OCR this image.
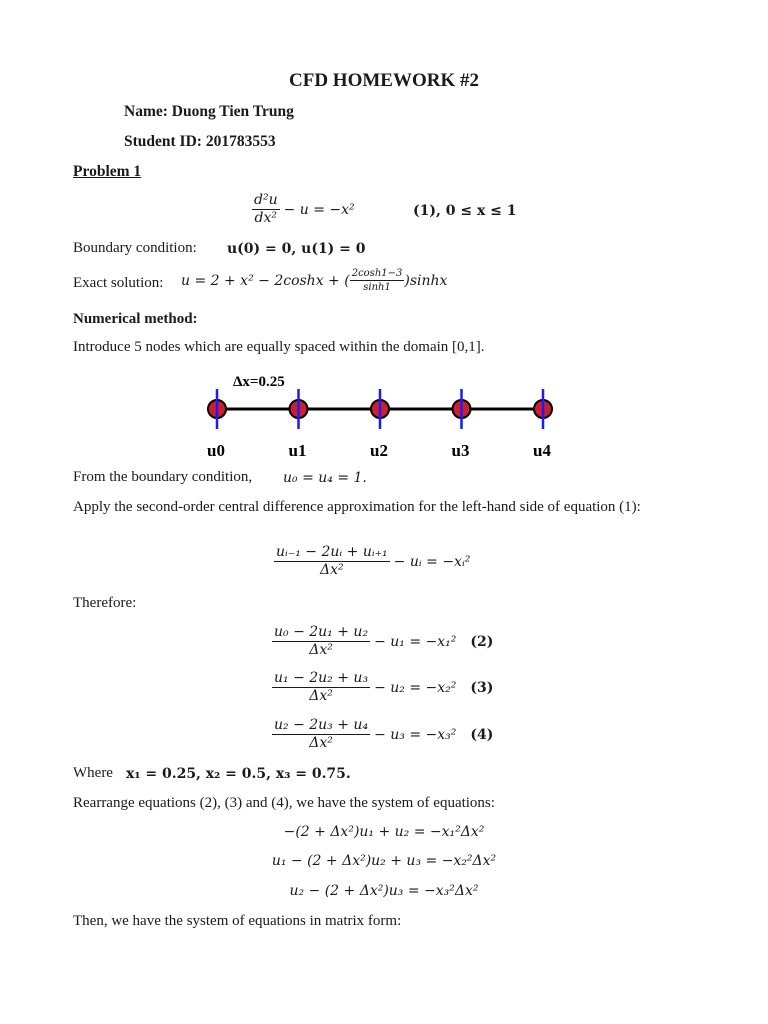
CFD HOMEWORK #2
Name: Duong Tien Trung
Student ID: 201783553
Problem 1
$\frac{\text{d²u}}{\text{dx²}} - u = -x^2$	(1), 0 ≤ x ≤ 1
Boundary condition: u(0) = 0, u(1) = 0
Exact solution: u = 2 + x² − 2coshx + ( $\frac{2\cosh 1-3}{\sinh 1} )\sinh x$
Numerical method:
Introduce 5 nodes which are equally spaced within the domain [0,1].
Δx=0.25
u0	u1	u2	u3	u4
From the boundary condition, u₀ = u₄ = 1.
Apply the second-order central difference approximation for the left-hand side of equation (1):
$\frac{\text{uᵢ₋₁ − 2uᵢ + uᵢ₊₁}}{\text{Δx²}}$ − uᵢ = −xᵢ²
Therefore:
$\frac{\text{u₀ − 2u₁ + u₂}}{\text{Δx²}} - u_1 = -x_1^2$ (2)
$\frac{\text{u₁ − 2u₂ + u₃}}{\text{Δx²}} - u_2 = -x_2^2$ (3)
$\frac{\text{u₂ − 2u₃ + u₄}}{\text{Δx²}} - u_3 = -x_3^2$ (4)
Where x₁ = 0.25, x₂ = 0.5, x₃ = 0.75.
Rearrange equations (2), (3) and (4), we have the system of equations:
−(2 + Δx²)u₁ + u₂ = −x₁²Δx²
u₁ − (2 + Δx²)u₂ + u₃ = −x₂²Δx²
u₂ − (2 + Δx²)u₃ = −x₃²Δx²
Then, we have the system of equations in matrix form:
